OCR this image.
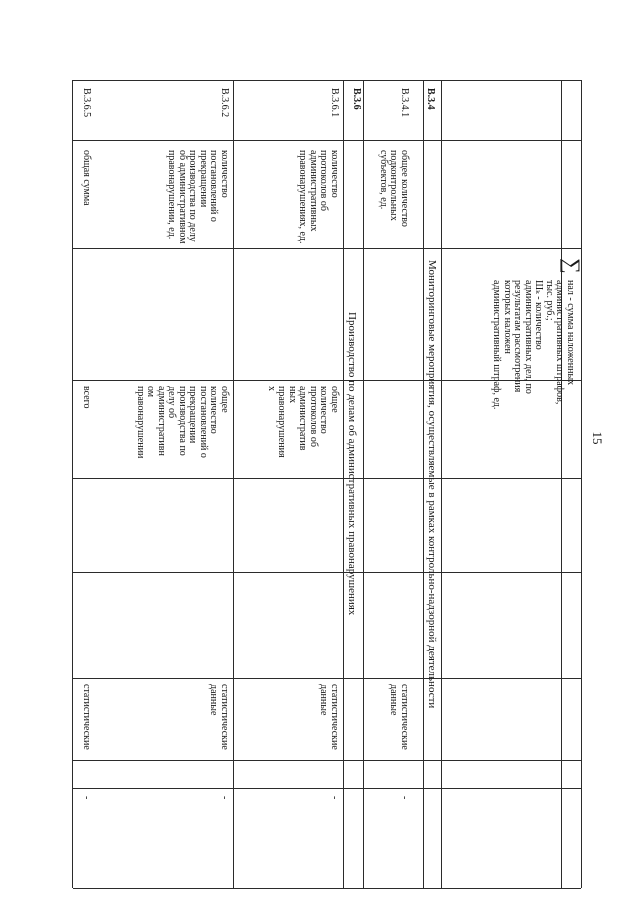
15
∑
нал - сумма наложенных
административных штрафов,
тыс. руб.;
Шₖ - количество
административных дел, по
результатам рассмотрения
которых наложен
административный штраф, ед.
В.3.4
Мониторинговые мероприятия, осуществляемые в рамках контрольно-надзорной деятельности
В.3.4.1
общее количество
подконтрольных
субъектов, ед.
статистические
данные
-
В.3.6
Производство по делам об административных правонарушениях
В.3.6.1
количество
протоколов об
административных
правонарушениях, ед.
общее
количество
протоколов об
административ
ных
правонарушения
х
статистические
данные
-
В.3.6.2
количество
постановлений о
прекращении
производства по делу
об административном
правонарушении, ед.
общее
количество
постановлений о
прекращении
производства по
делу об
административн
ом
правонарушении
статистические
данные
-
В.3.6.5
общая сумма
всего
статистические
-
